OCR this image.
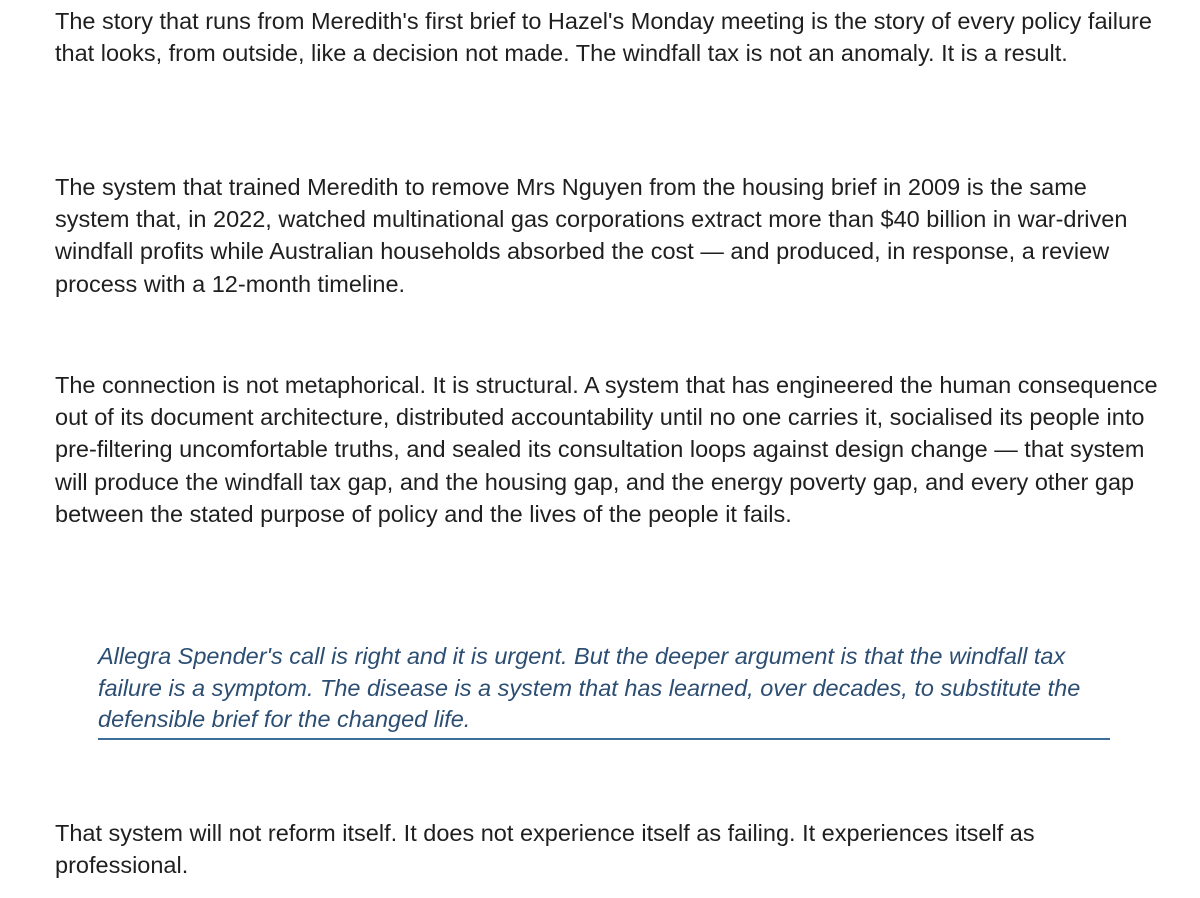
The story that runs from Meredith's first brief to Hazel's Monday meeting is the story of every policy failure that looks, from outside, like a decision not made. The windfall tax is not an anomaly. It is a result.

The system that trained Meredith to remove Mrs Nguyen from the housing brief in 2009 is the same system that, in 2022, watched multinational gas corporations extract more than $40 billion in war-driven windfall profits while Australian households absorbed the cost — and produced, in response, a review process with a 12-month timeline.

The connection is not metaphorical. It is structural. A system that has engineered the human consequence out of its document architecture, distributed accountability until no one carries it, socialised its people into pre-filtering uncomfortable truths, and sealed its consultation loops against design change — that system will produce the windfall tax gap, and the housing gap, and the energy poverty gap, and every other gap between the stated purpose of policy and the lives of the people it fails.

Allegra Spender's call is right and it is urgent. But the deeper argument is that the windfall tax failure is a symptom. The disease is a system that has learned, over decades, to substitute the defensible brief for the changed life.

That system will not reform itself. It does not experience itself as failing. It experiences itself as professional.
